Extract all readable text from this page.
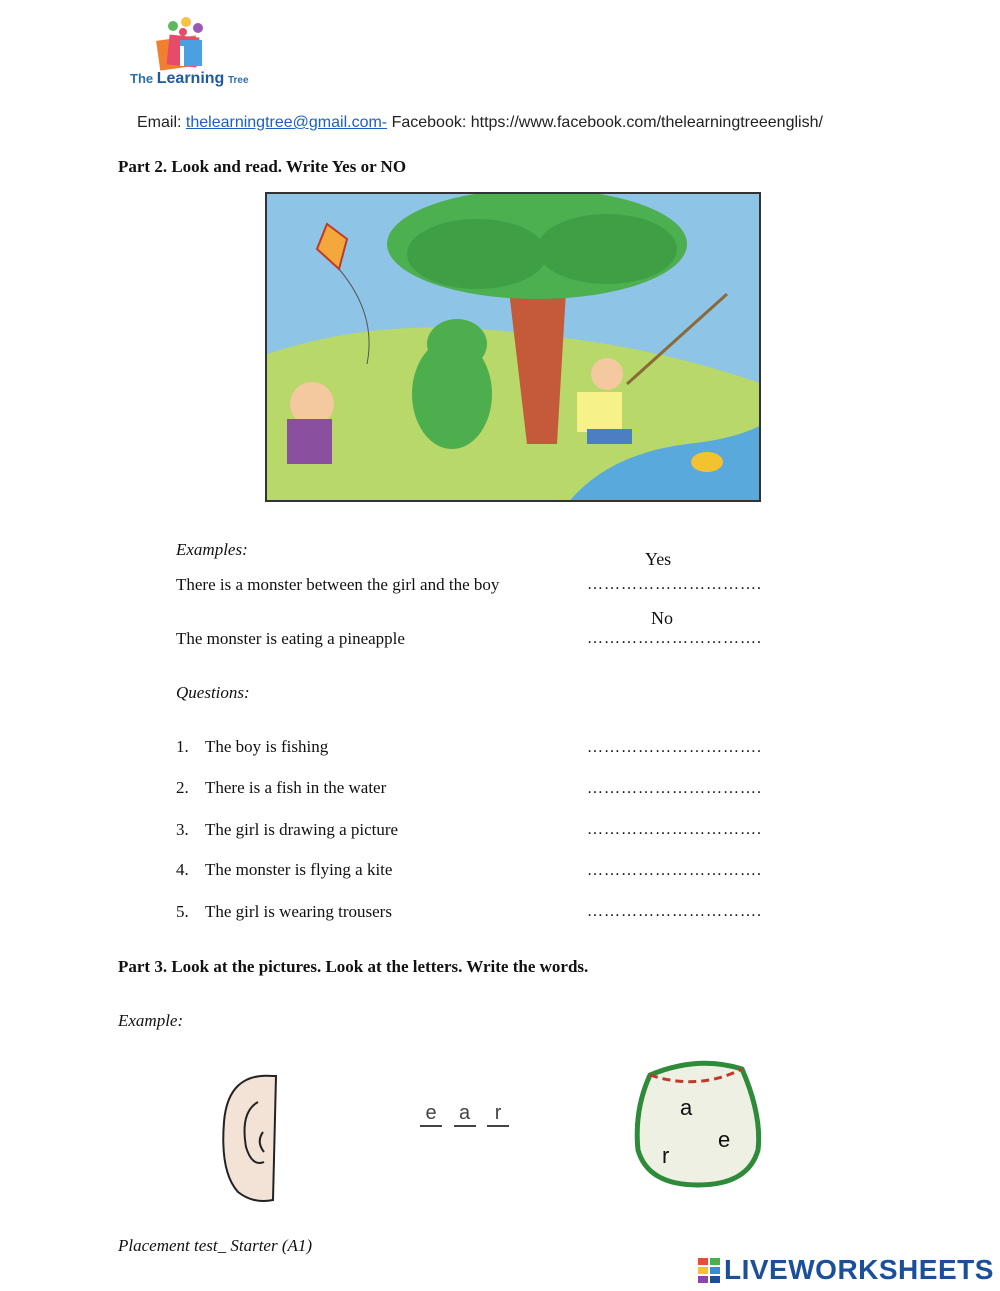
The Learning Tree
Email: thelearningtree@gmail.com- Facebook: https://www.facebook.com/thelearningtreeenglish/
Part 2. Look and read. Write Yes or NO
Examples:	Yes
There is a monster between the girl and the boy	………………………….
No
The monster is eating a pineapple	………………………….
Questions:
1. The boy is fishing	………………………….
2. There is a fish in the water	………………………….
3. The girl is drawing a picture	………………………….
4. The monster is flying a kite	………………………….
5. The girl is wearing trousers	………………………….
Part 3. Look at the pictures. Look at the letters. Write the words.
Example:
e a r	a
e
r
Placement test_ Starter (A1)
LIVEWORKSHEETS
